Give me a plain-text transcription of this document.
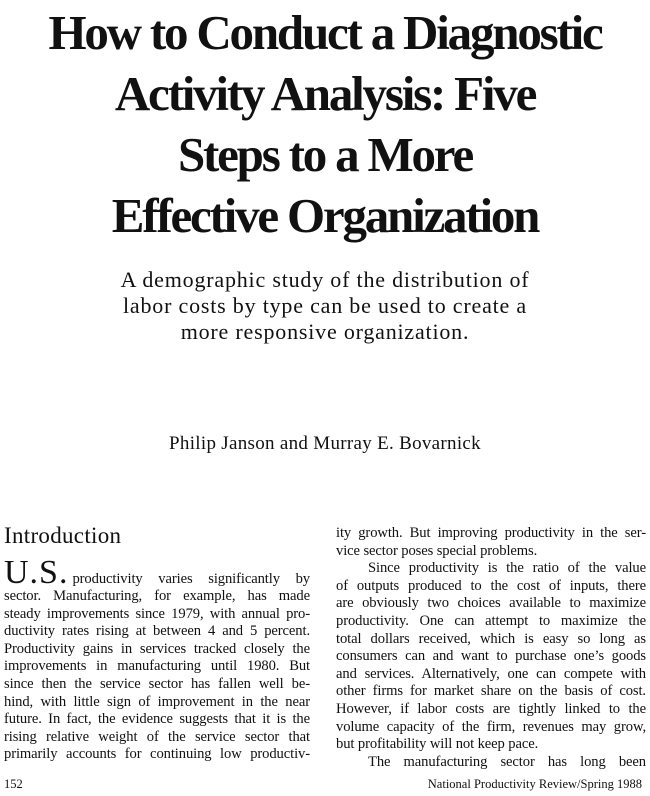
How to Conduct a Diagnostic
Activity Analysis: Five
Steps to a More
Effective Organization
A demographic study of the distribution of
labor costs by type can be used to create a
more responsive organization.
Philip Janson and Murray E. Bovarnick
Introduction
U.S. productivity varies significantly by
sector. Manufacturing, for example, has made
steady improvements since 1979, with annual pro-
ductivity rates rising at between 4 and 5 percent.
Productivity gains in services tracked closely the
improvements in manufacturing until 1980. But
since then the service sector has fallen well be-
hind, with little sign of improvement in the near
future. In fact, the evidence suggests that it is the
rising relative weight of the service sector that
primarily accounts for continuing low productiv-
ity growth. But improving productivity in the ser-
vice sector poses special problems.
Since productivity is the ratio of the value
of outputs produced to the cost of inputs, there
are obviously two choices available to maximize
productivity. One can attempt to maximize the
total dollars received, which is easy so long as
consumers can and want to purchase one’s goods
and services. Alternatively, one can compete with
other firms for market share on the basis of cost.
However, if labor costs are tightly linked to the
volume capacity of the firm, revenues may grow,
but profitability will not keep pace.
The manufacturing sector has long been
152	National Productivity Review/Spring 1988
